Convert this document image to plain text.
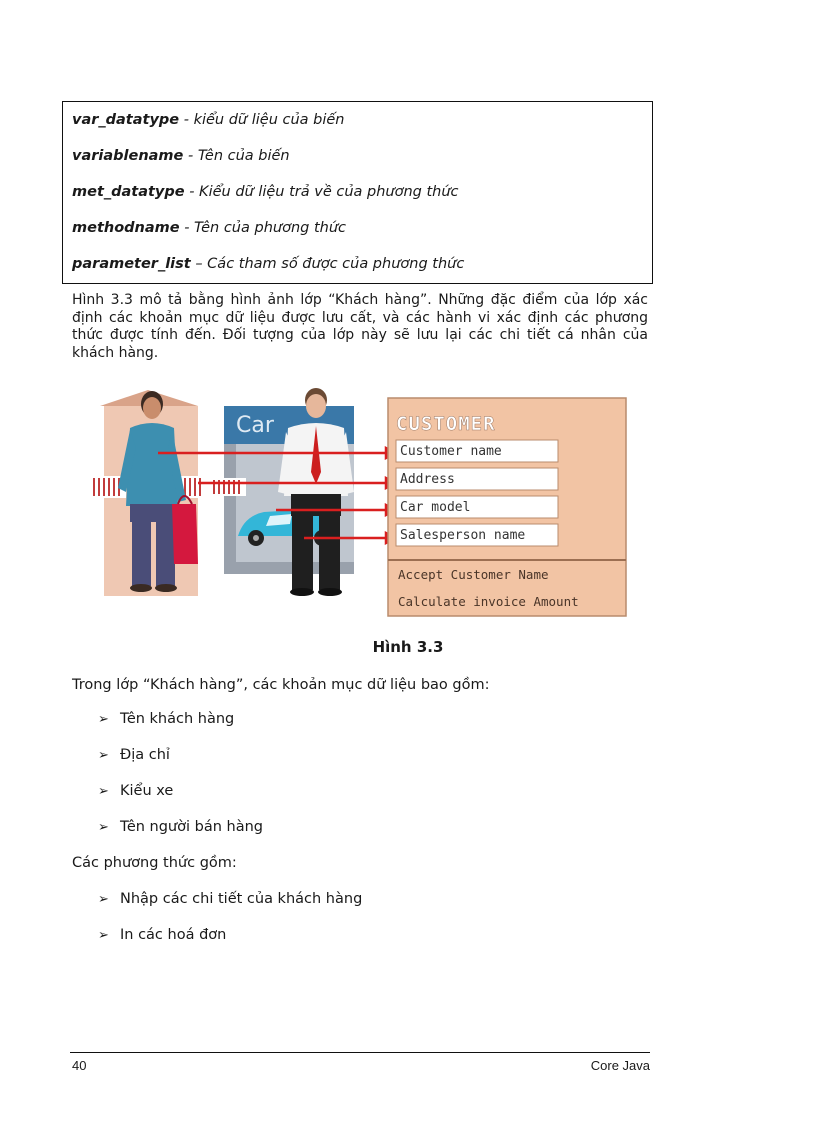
var_datatype - kiểu dữ liệu của biến
variablename - Tên của biến
met_datatype - Kiểu dữ liệu trả về của phương thức
methodname - Tên của phương thức
parameter_list – Các tham số được của phương thức
Hình 3.3 mô tả bằng hình ảnh lớp “Khách hàng”. Những đặc điểm của lớp xác định các khoản mục dữ liệu được lưu cất, và các hành vi xác định các phương thức được tính đến. Đối tượng của lớp này sẽ lưu lại các chi tiết cá nhân của khách hàng.
Car	CUSTOMER
Customer name
Address
Car model
Salesperson name
Accept Customer Name
Calculate invoice Amount
Hình 3.3
Trong lớp “Khách hàng”, các khoản mục dữ liệu bao gồm:
➢ Tên khách hàng
➢ Địa chỉ
➢ Kiểu xe
➢ Tên người bán hàng
Các phương thức gồm:
➢ Nhập các chi tiết của khách hàng
➢ In các hoá đơn
40	Core Java
